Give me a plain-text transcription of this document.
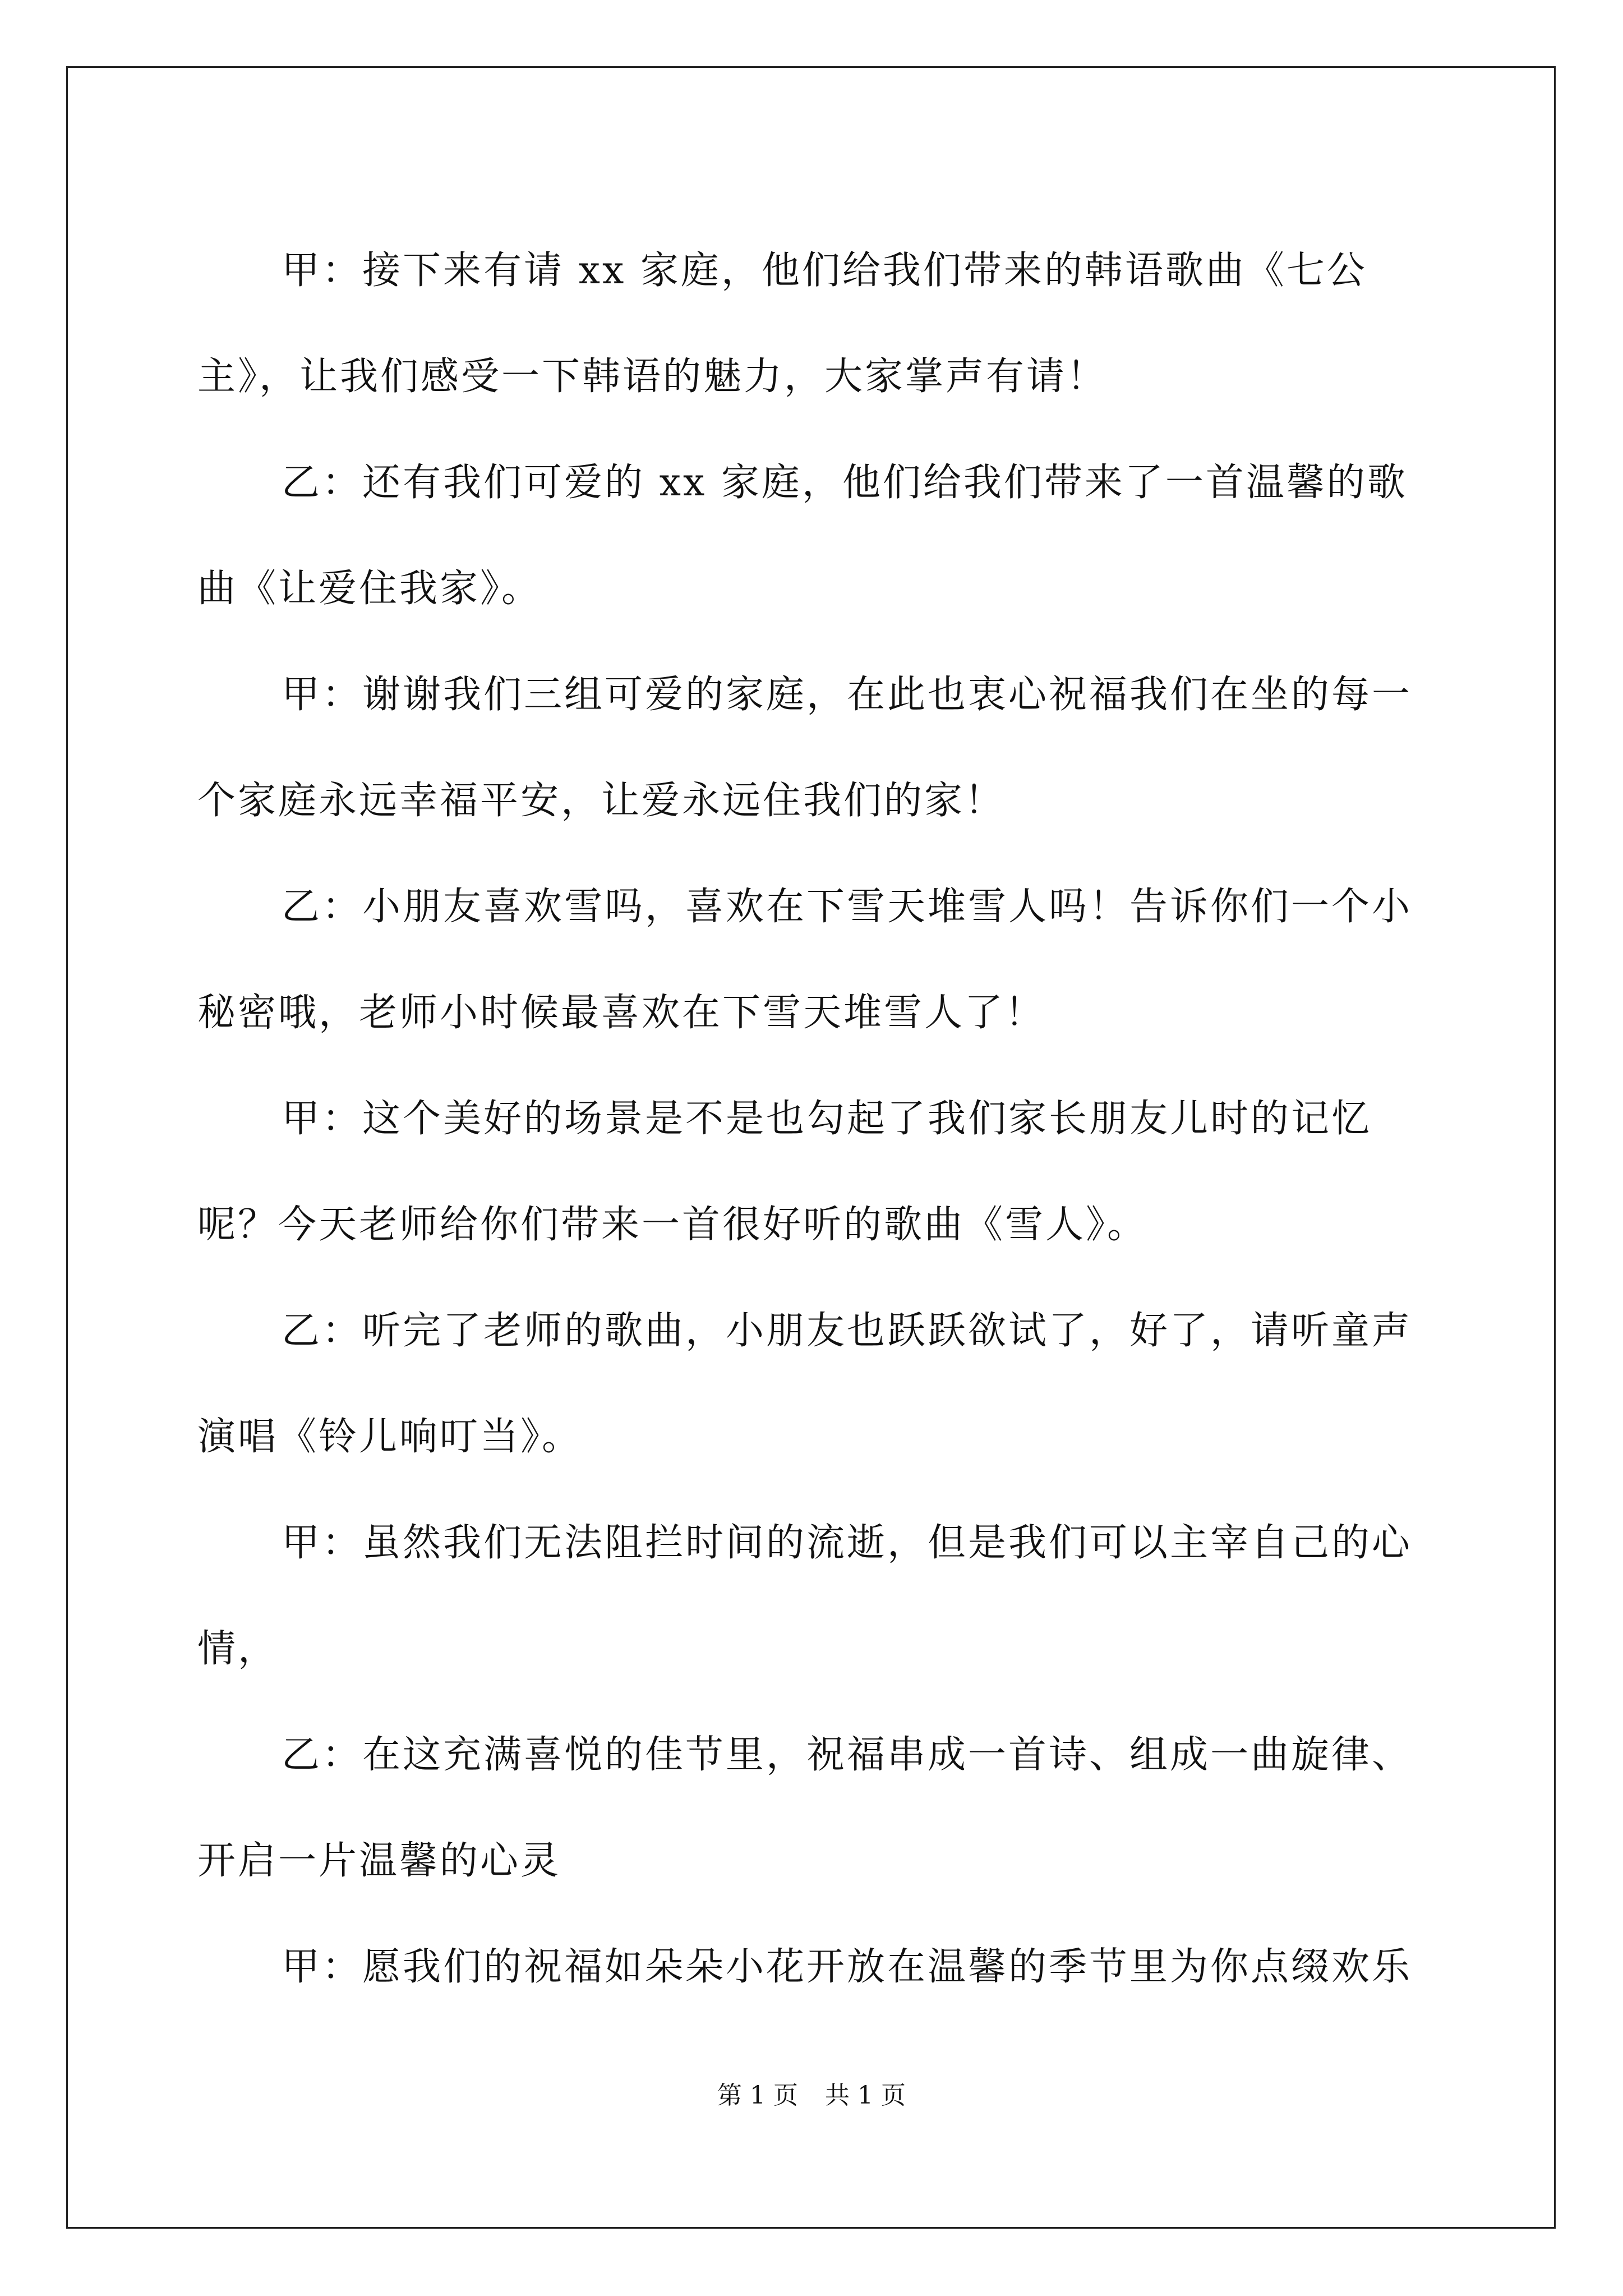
甲：接下来有请 xx 家庭，他们给我们带来的韩语歌曲《七公主》，让我们感受一下韩语的魅力，大家掌声有请！

乙：还有我们可爱的 xx 家庭，他们给我们带来了一首温馨的歌曲《让爱住我家》。

甲：谢谢我们三组可爱的家庭，在此也衷心祝福我们在坐的每一个家庭永远幸福平安，让爱永远住我们的家！

乙：小朋友喜欢雪吗，喜欢在下雪天堆雪人吗！告诉你们一个小秘密哦，老师小时候最喜欢在下雪天堆雪人了！

甲：这个美好的场景是不是也勾起了我们家长朋友儿时的记忆呢？今天老师给你们带来一首很好听的歌曲《雪人》。

乙：听完了老师的歌曲，小朋友也跃跃欲试了，好了，请听童声演唱《铃儿响叮当》。

甲：虽然我们无法阻拦时间的流逝，但是我们可以主宰自己的心情，

乙：在这充满喜悦的佳节里，祝福串成一首诗、组成一曲旋律、开启一片温馨的心灵

甲：愿我们的祝福如朵朵小花开放在温馨的季节里为你点缀欢乐

第 1 页 共 1 页
